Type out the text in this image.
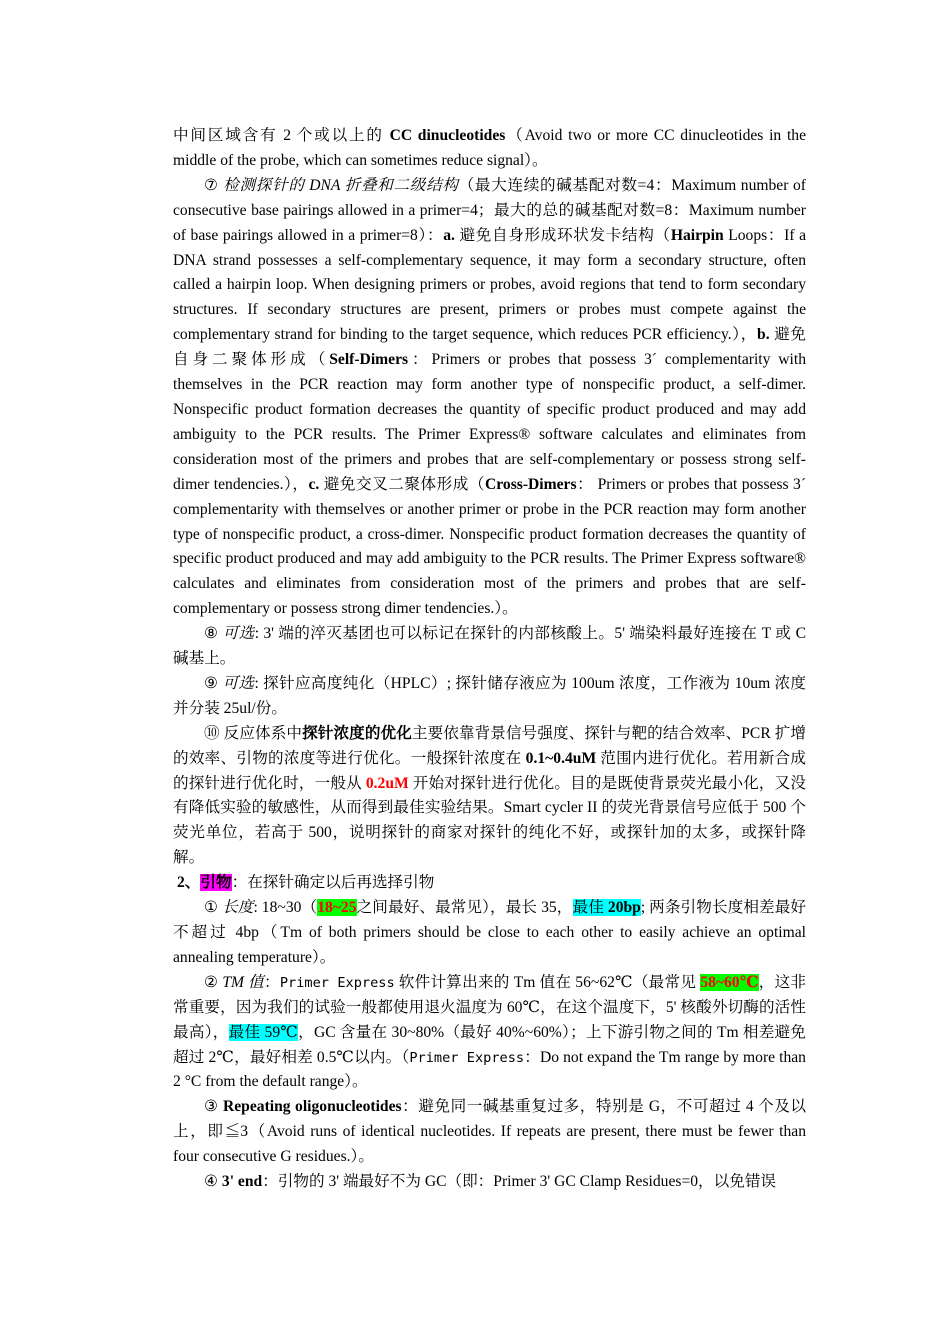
中间区域含有 2 个或以上的 CC dinucleotides（Avoid two or more CC dinucleotides in the middle of the probe, which can sometimes reduce signal）。

⑦ 检测探针的 DNA 折叠和二级结构（最大连续的碱基配对数=4：Maximum number of consecutive base pairings allowed in a primer=4；最大的总的碱基配对数=8：Maximum number of base pairings allowed in a primer=8）：a. 避免自身形成环状发卡结构（Hairpin Loops：If a DNA strand possesses a self-complementary sequence, it may form a secondary structure, often called a hairpin loop. When designing primers or probes, avoid regions that tend to form secondary structures. If secondary structures are present, primers or probes must compete against the complementary strand for binding to the target sequence, which reduces PCR efficiency.），b. 避免自身二聚体形成（Self-Dimers：Primers or probes that possess 3´ complementarity with themselves in the PCR reaction may form another type of nonspecific product, a self-dimer. Nonspecific product formation decreases the quantity of specific product produced and may add ambiguity to the PCR results. The Primer Express® software calculates and eliminates from consideration most of the primers and probes that are self-complementary or possess strong self-dimer tendencies.），c. 避免交叉二聚体形成（Cross-Dimers： Primers or probes that possess 3´ complementarity with themselves or another primer or probe in the PCR reaction may form another type of nonspecific product, a cross-dimer. Nonspecific product formation decreases the quantity of specific product produced and may add ambiguity to the PCR results. The Primer Express software® calculates and eliminates from consideration most of the primers and probes that are self-complementary or possess strong dimer tendencies.）。

⑧ 可选: 3' 端的淬灭基团也可以标记在探针的内部核酸上。5' 端染料最好连接在 T 或 C 碱基上。

⑨ 可选: 探针应高度纯化（HPLC）; 探针储存液应为 100um 浓度，工作液为 10um 浓度并分装 25ul/份。

⑩ 反应体系中探针浓度的优化主要依靠背景信号强度、探针与靶的结合效率、PCR 扩增的效率、引物的浓度等进行优化。一般探针浓度在 0.1~0.4uM 范围内进行优化。若用新合成的探针进行优化时，一般从 0.2uM 开始对探针进行优化。目的是既使背景荧光最小化，又没有降低实验的敏感性，从而得到最佳实验结果。Smart cycler II 的荧光背景信号应低于 500 个荧光单位，若高于 500，说明探针的商家对探针的纯化不好，或探针加的太多，或探针降解。

2、引物：在探针确定以后再选择引物

① 长度: 18~30（18~25之间最好、最常见），最长 35，最佳 20bp; 两条引物长度相差最好不超过 4bp（Tm of both primers should be close to each other to easily achieve an optimal annealing temperature）。

② TM 值：Primer Express 软件计算出来的 Tm 值在 56~62℃（最常见 58~60℃，这非常重要，因为我们的试验一般都使用退火温度为 60℃，在这个温度下，5' 核酸外切酶的活性最高），最佳 59℃，GC 含量在 30~80%（最好 40%~60%）；上下游引物之间的 Tm 相差避免超过 2℃，最好相差 0.5℃以内。（Primer Express：Do not expand the Tm range by more than 2 °C from the default range）。

③ Repeating oligonucleotides：避免同一碱基重复过多，特别是 G，不可超过 4 个及以上，即≦3（Avoid runs of identical nucleotides. If repeats are present, there must be fewer than four consecutive G residues.）。

④ 3' end：引物的 3' 端最好不为 GC（即：Primer 3' GC Clamp Residues=0，以免错误
